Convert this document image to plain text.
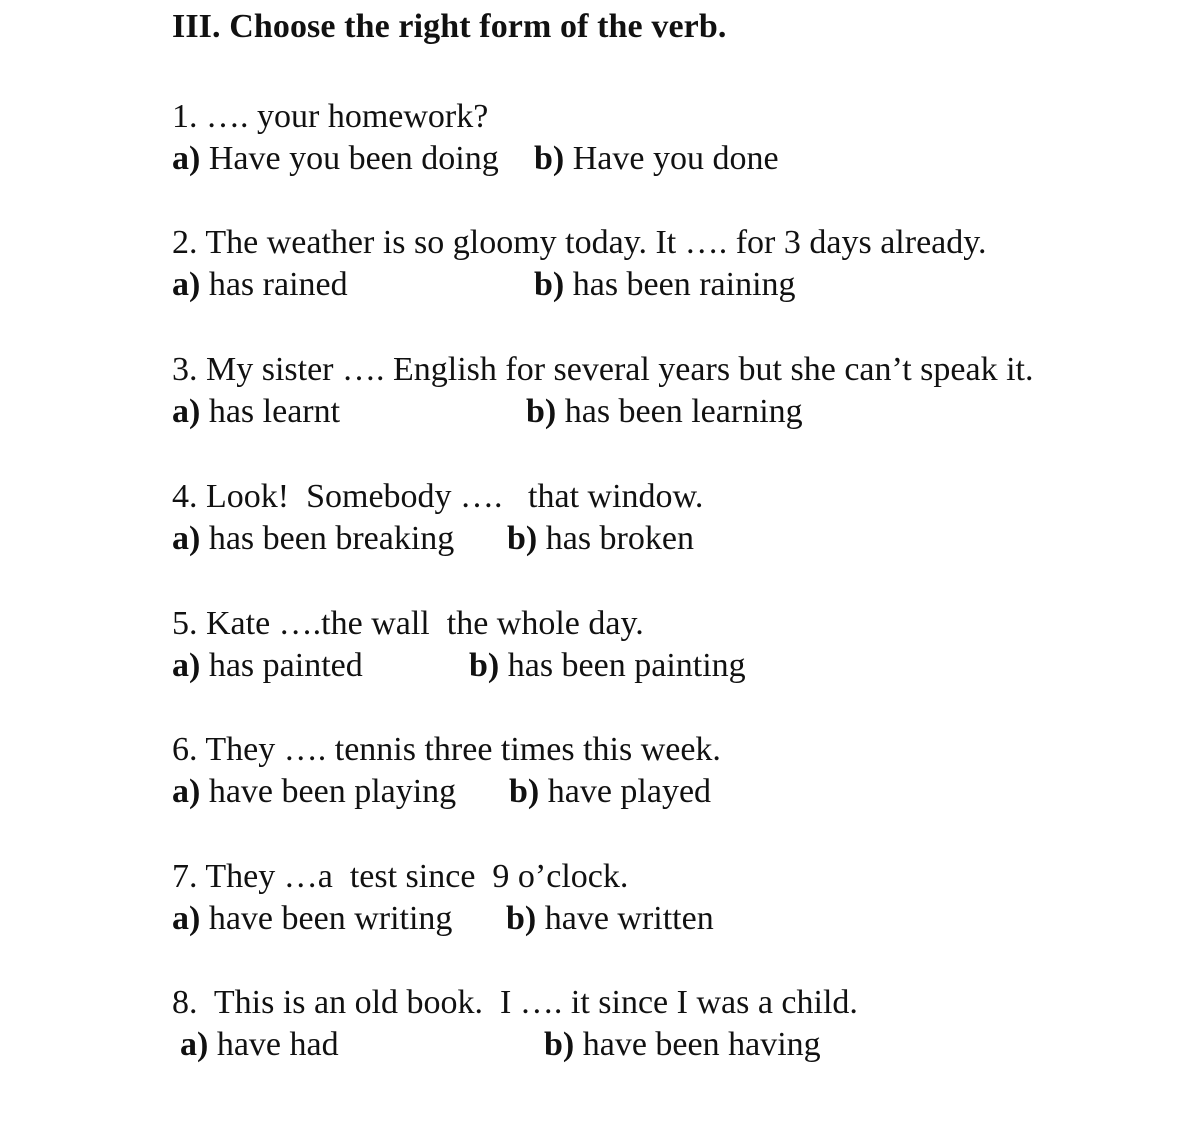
III. Choose the right form of the verb.
1. …. your homework?
a) Have you been doing b) Have you done
2. The weather is so gloomy today. It …. for 3 days already.
a) has rained	b) has been raining
3. My sister …. English for several years but she can’t speak it.
a) has learnt	b) has been learning
4. Look!  Somebody ….   that window.
a) has been breaking b) has broken
5. Kate ….the wall  the whole day.
a) has painted	b) has been painting
6. They …. tennis three times this week.
a) have been playing b) have played
7. They …a  test since  9 o’clock.
a) have been writing b) have written
8.  This is an old book.  I …. it since I was a child.
a) have had	b) have been having
